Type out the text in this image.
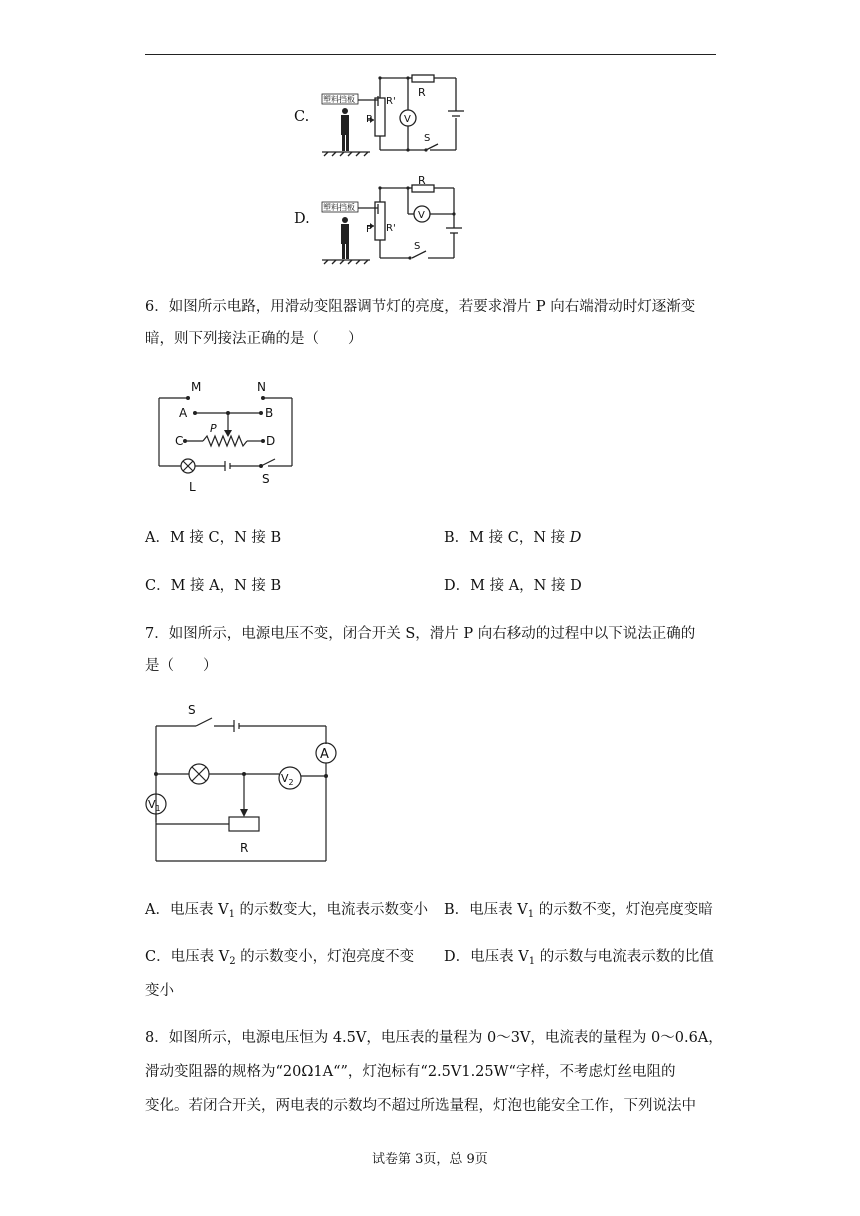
C.
塑料挡板	R'
R
V
P
S
D.
塑料挡板
R'
R
V
P
S
6．如图所示电路，用滑动变阻器调节灯的亮度，若要求滑片 P 向右端滑动时灯逐渐变
暗，则下列接法正确的是（　　）
M	N
A	B
C	D
P
L
S
A．M 接 C，N 接 B	B．M 接 C，N 接 D
C．M 接 A，N 接 B	D．M 接 A，N 接 D
7．如图所示，电源电压不变，闭合开关 S，滑片 P 向右移动的过程中以下说法正确的
是（　　）
A
S
$V_1$
$V_2$
R
A．电压表 $V_1$ 的示数变大，电流表示数变小 B．电压表 $V_1$ 的示数不变，灯泡亮度变暗
C．电压表 $V_2$ 的示数变小，灯泡亮度不变 D．电压表 $V_1$ 的示数与电流表示数的比值
变小
8．如图所示，电源电压恒为 4.5V，电压表的量程为 0～3V，电流表的量程为 0～0.6A，
滑动变阻器的规格为“20Ω1A“”，灯泡标有“2.5V1.25W“字样，不考虑灯丝电阻的
变化。若闭合开关，两电表的示数均不超过所选量程，灯泡也能安全工作，下列说法中
试卷第 3页，总 9页
